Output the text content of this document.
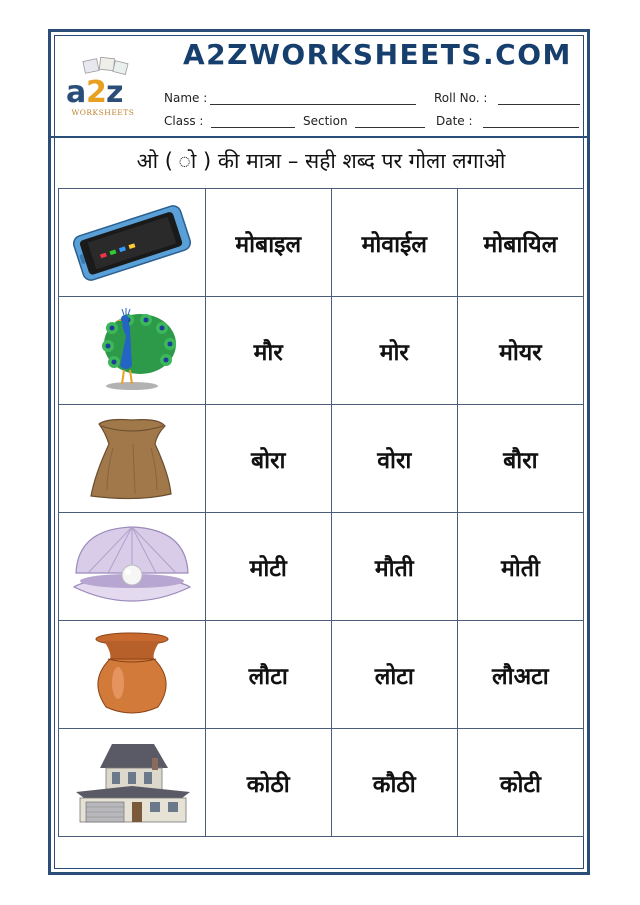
a 2 z
WORKSHEETS
A2ZWORKSHEETS.COM
Name :	Roll No. :
Class :	Section	Date :
ओ ( ो ) की मात्रा – सही शब्द पर गोला लगाओ
	मोबाइल	मोवाईल	मोबायिल

	मौर	मोर	मोयर

	बोरा	वोरा	बौरा

	मोटी	मौती	मोती

	लौटा	लोटा	लौअटा

	कोठी	कौठी	कोटी
